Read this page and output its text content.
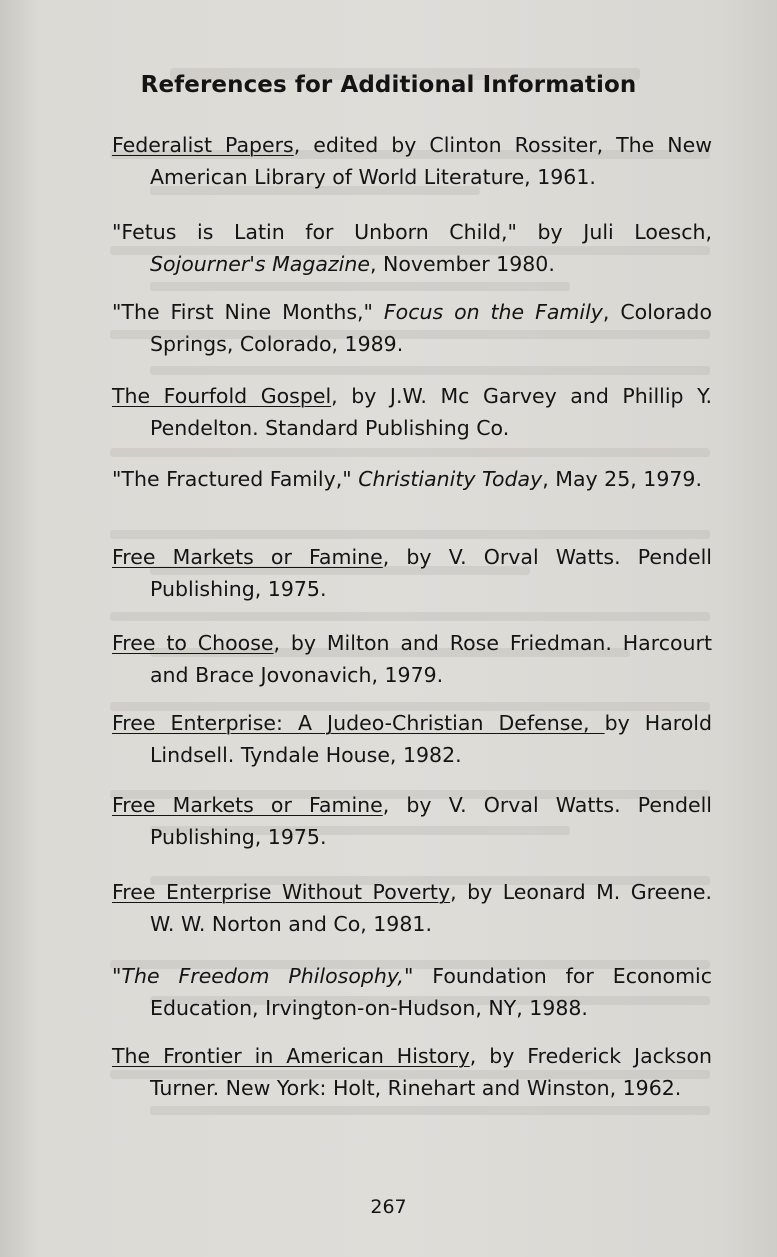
References for Additional Information

Federalist Papers, edited by Clinton Rossiter, The New American Library of World Literature, 1961.

"Fetus is Latin for Unborn Child," by Juli Loesch, Sojourner's Magazine, November 1980.

"The First Nine Months," Focus on the Family, Colorado Springs, Colorado, 1989.

The Fourfold Gospel, by J.W. Mc Garvey and Phillip Y. Pendelton. Standard Publishing Co.

"The Fractured Family," Christianity Today, May 25, 1979.

Free Markets or Famine, by V. Orval Watts. Pendell Publishing, 1975.

Free to Choose, by Milton and Rose Friedman. Harcourt and Brace Jovonavich, 1979.

Free Enterprise: A Judeo-Christian Defense, by Harold Lindsell. Tyndale House, 1982.

Free Markets or Famine, by V. Orval Watts. Pendell Publishing, 1975.

Free Enterprise Without Poverty, by Leonard M. Greene. W. W. Norton and Co, 1981.

"The Freedom Philosophy," Foundation for Economic Education, Irvington-on-Hudson, NY, 1988.

The Frontier in American History, by Frederick Jackson Turner. New York: Holt, Rinehart and Winston, 1962.

267
